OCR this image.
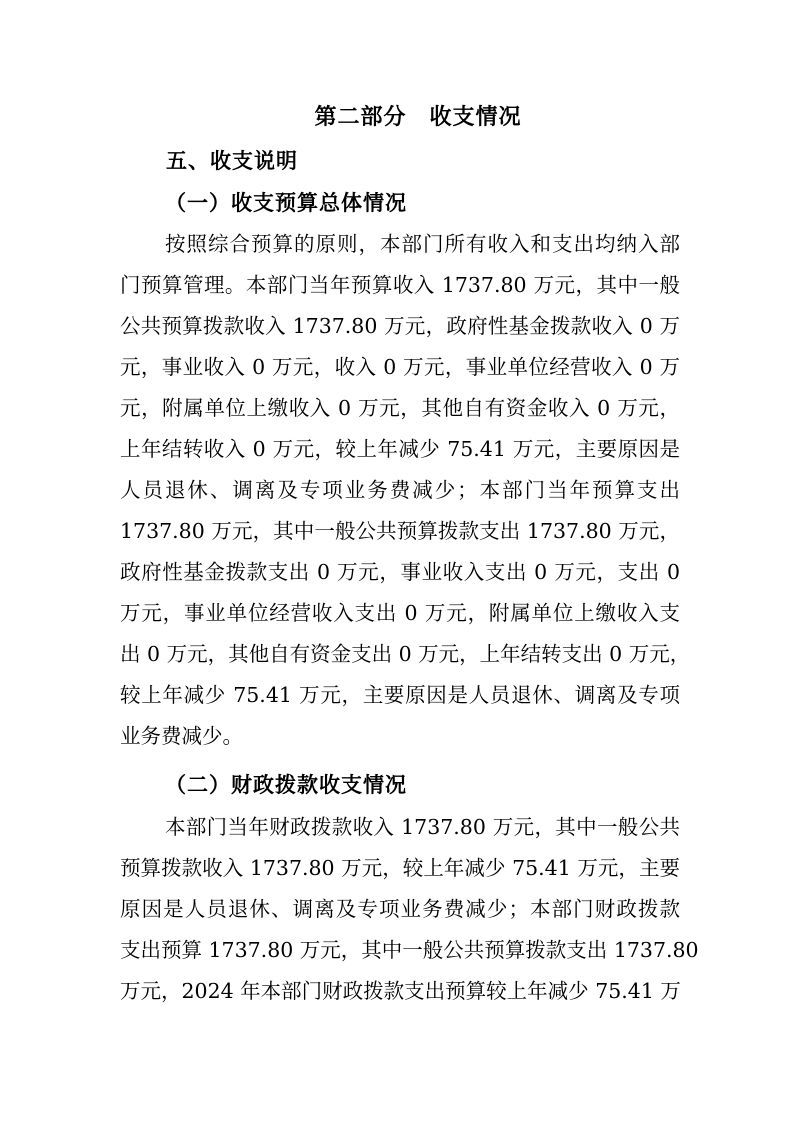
第二部分　收支情况
五、收支说明
（一）收支预算总体情况
按照综合预算的原则，本部门所有收入和支出均纳入部
门预算管理。本部门当年预算收入 1737.80 万元，其中一般
公共预算拨款收入 1737.80 万元，政府性基金拨款收入 0 万
元，事业收入 0 万元，收入 0 万元，事业单位经营收入 0 万
元，附属单位上缴收入 0 万元，其他自有资金收入 0 万元，
上年结转收入 0 万元，较上年减少 75.41 万元，主要原因是
人员退休、调离及专项业务费减少；本部门当年预算支出
1737.80 万元，其中一般公共预算拨款支出 1737.80 万元，
政府性基金拨款支出 0 万元，事业收入支出 0 万元，支出 0
万元，事业单位经营收入支出 0 万元，附属单位上缴收入支
出 0 万元，其他自有资金支出 0 万元，上年结转支出 0 万元，
较上年减少 75.41 万元，主要原因是人员退休、调离及专项
业务费减少。
（二）财政拨款收支情况
本部门当年财政拨款收入 1737.80 万元，其中一般公共
预算拨款收入 1737.80 万元，较上年减少 75.41 万元，主要
原因是人员退休、调离及专项业务费减少；本部门财政拨款
支出预算 1737.80 万元，其中一般公共预算拨款支出 1737.80
万元，2024 年本部门财政拨款支出预算较上年减少 75.41 万
